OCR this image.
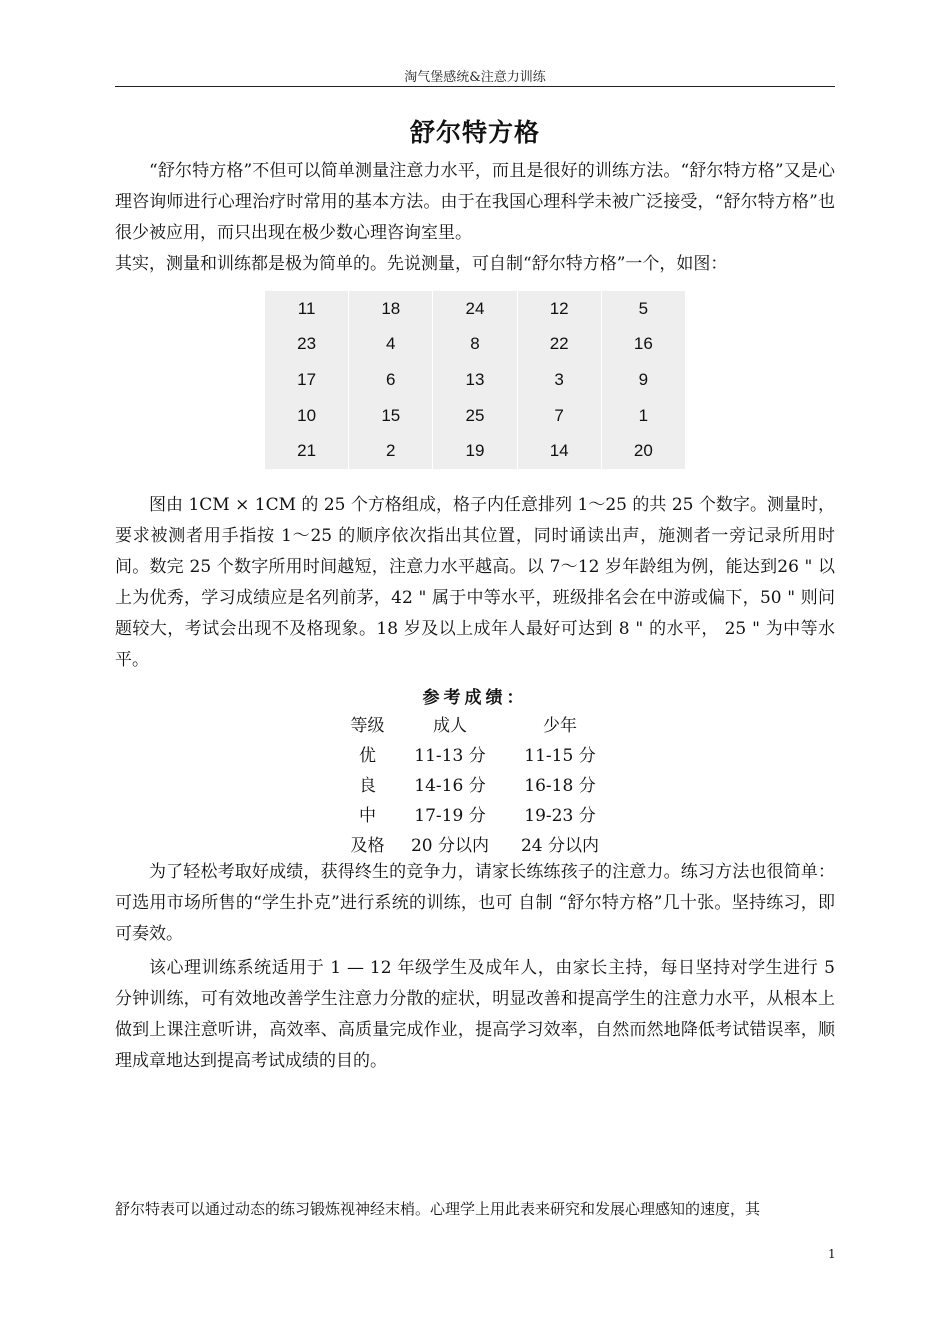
淘气堡感统&注意力训练
舒尔特方格
“舒尔特方格”不但可以简单测量注意力水平，而且是很好的训练方法。“舒尔特方格”又是心理咨询师进行心理治疗时常用的基本方法。由于在我国心理科学未被广泛接受，“舒尔特方格”也很少被应用，而只出现在极少数心理咨询室里。
其实，测量和训练都是极为简单的。先说测量，可自制“舒尔特方格”一个，如图：
11	18	24	12	5
23	4	8	22	16
17	6	13	3	9
10	15	25	7	1
21	2	19	14	20
图由 1CM × 1CM 的 25 个方格组成，格子内任意排列 1～25 的共 25 个数字。测量时，要求被测者用手指按 1～25 的顺序依次指出其位置，同时诵读出声，施测者一旁记录所用时间。数完 25 个数字所用时间越短，注意力水平越高。以 7～12 岁年龄组为例，能达到26 " 以上为优秀，学习成绩应是名列前茅，42 " 属于中等水平，班级排名会在中游或偏下，50 " 则问题较大，考试会出现不及格现象。18 岁及以上成年人最好可达到 8 " 的水平， 25 " 为中等水平。
参考成绩：
等级	成人	少年
优	11-13 分	11-15 分
良	14-16 分	16-18 分
中	17-19 分	19-23 分
及格	20 分以内	24 分以内
为了轻松考取好成绩，获得终生的竞争力，请家长练练孩子的注意力。练习方法也很简单： 可选用市场所售的“学生扑克”进行系统的训练，也可 自制 “舒尔特方格”几十张。坚持练习，即可奏效。
该心理训练系统适用于 1 — 12 年级学生及成年人，由家长主持，每日坚持对学生进行 5 分钟训练，可有效地改善学生注意力分散的症状，明显改善和提高学生的注意力水平，从根本上做到上课注意听讲，高效率、高质量完成作业，提高学习效率，自然而然地降低考试错误率，顺理成章地达到提高考试成绩的目的。
舒尔特表可以通过动态的练习锻炼视神经末梢。心理学上用此表来研究和发展心理感知的速度，其
1
